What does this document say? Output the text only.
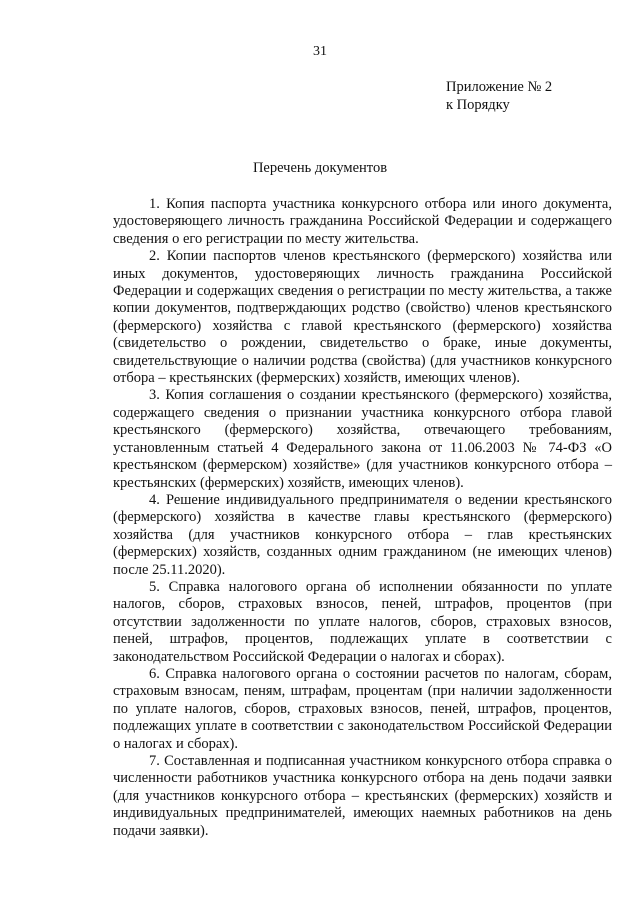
31
Приложение № 2
к Порядку
Перечень документов

1. Копия паспорта участника конкурсного отбора или иного документа, удостоверяющего личность гражданина Российской Федерации и содержащего сведения о его регистрации по месту жительства.

2. Копии паспортов членов крестьянского (фермерского) хозяйства или иных документов, удостоверяющих личность гражданина Российской Федерации и содержащих сведения о регистрации по месту жительства, а также копии документов, подтверждающих родство (свойство) членов крестьянского (фермерского) хозяйства с главой крестьянского (фермерского) хозяйства (свидетельство о рождении, свидетельство о браке, иные документы, свидетельствующие о наличии родства (свойства) (для участников конкурсного отбора – крестьянских (фермерских) хозяйств, имеющих членов).

3. Копия соглашения о создании крестьянского (фермерского) хозяйства, содержащего сведения о признании участника конкурсного отбора главой крестьянского (фермерского) хозяйства, отвечающего требованиям, установленным статьей 4 Федерального закона от 11.06.2003 № 74-ФЗ «О крестьянском (фермерском) хозяйстве» (для участников конкурсного отбора – крестьянских (фермерских) хозяйств, имеющих членов).

4. Решение индивидуального предпринимателя о ведении крестьянского (фермерского) хозяйства в качестве главы крестьянского (фермерского) хозяйства (для участников конкурсного отбора – глав крестьянских (фермерских) хозяйств, созданных одним гражданином (не имеющих членов) после 25.11.2020).

5. Справка налогового органа об исполнении обязанности по уплате налогов, сборов, страховых взносов, пеней, штрафов, процентов (при отсутствии задолженности по уплате налогов, сборов, страховых взносов, пеней, штрафов, процентов, подлежащих уплате в соответствии с законодательством Российской Федерации о налогах и сборах).

6. Справка налогового органа о состоянии расчетов по налогам, сборам, страховым взносам, пеням, штрафам, процентам (при наличии задолженности по уплате налогов, сборов, страховых взносов, пеней, штрафов, процентов, подлежащих уплате в соответствии с законодательством Российской Федерации о налогах и сборах).

7. Составленная и подписанная участником конкурсного отбора справка о численности работников участника конкурсного отбора на день подачи заявки (для участников конкурсного отбора – крестьянских (фермерских) хозяйств и индивидуальных предпринимателей, имеющих наемных работников на день подачи заявки).
